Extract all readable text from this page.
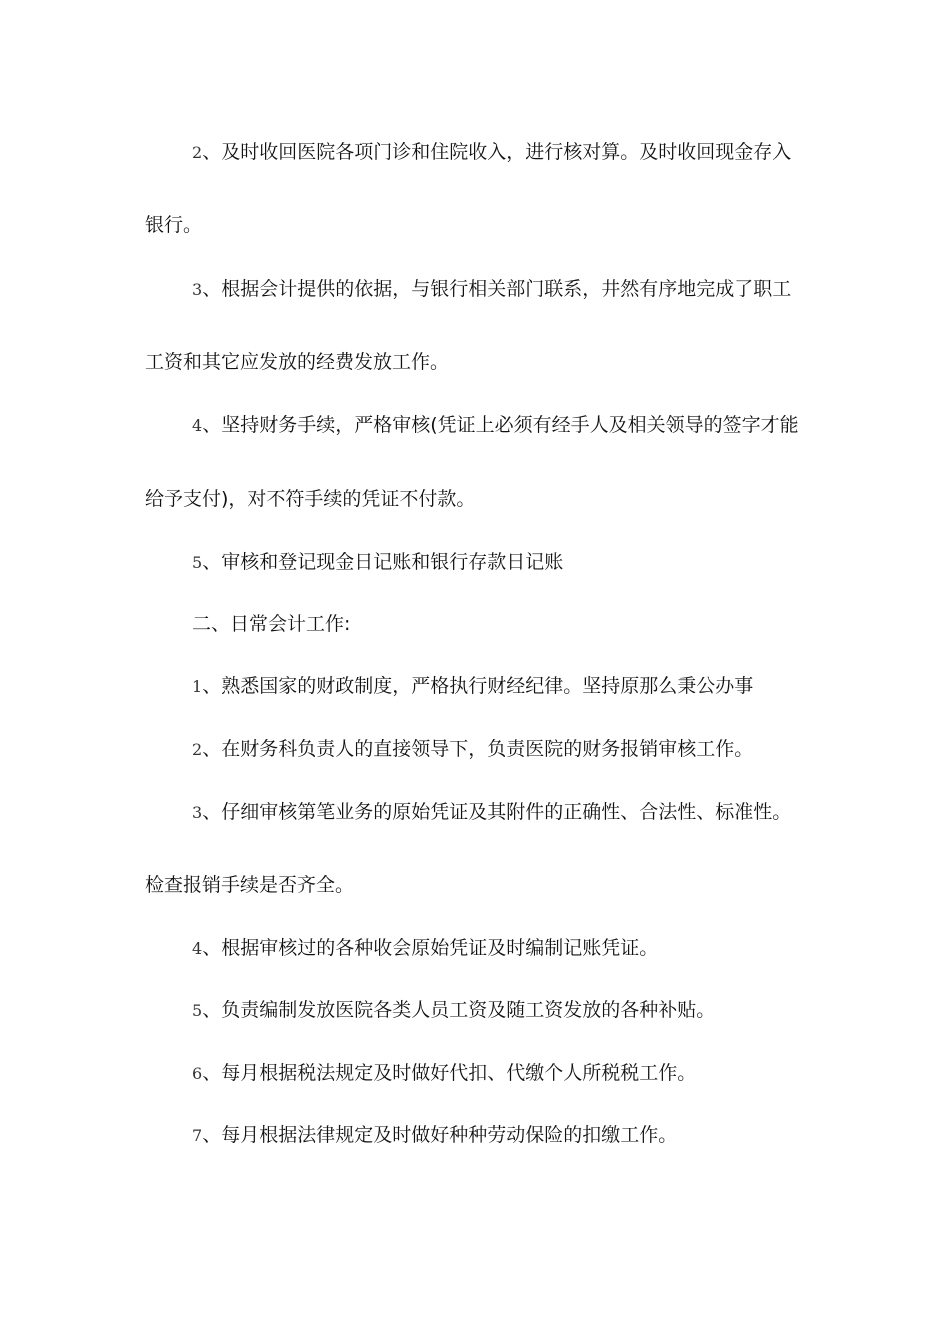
2、及时收回医院各项门诊和住院收入，进行核对算。及时收回现金存入
银行。
3、根据会计提供的依据，与银行相关部门联系，井然有序地完成了职工
工资和其它应发放的经费发放工作。
4、坚持财务手续，严格审核(凭证上必须有经手人及相关领导的签字才能
给予支付)，对不符手续的凭证不付款。
5、审核和登记现金日记账和银行存款日记账
二、日常会计工作:
1、熟悉国家的财政制度，严格执行财经纪律。坚持原那么秉公办事
2、在财务科负责人的直接领导下，负责医院的财务报销审核工作。
3、仔细审核第笔业务的原始凭证及其附件的正确性、合法性、标准性。
检查报销手续是否齐全。
4、根据审核过的各种收会原始凭证及时编制记账凭证。
5、负责编制发放医院各类人员工资及随工资发放的各种补贴。
6、每月根据税法规定及时做好代扣、代缴个人所税税工作。
7、每月根据法律规定及时做好种种劳动保险的扣缴工作。
